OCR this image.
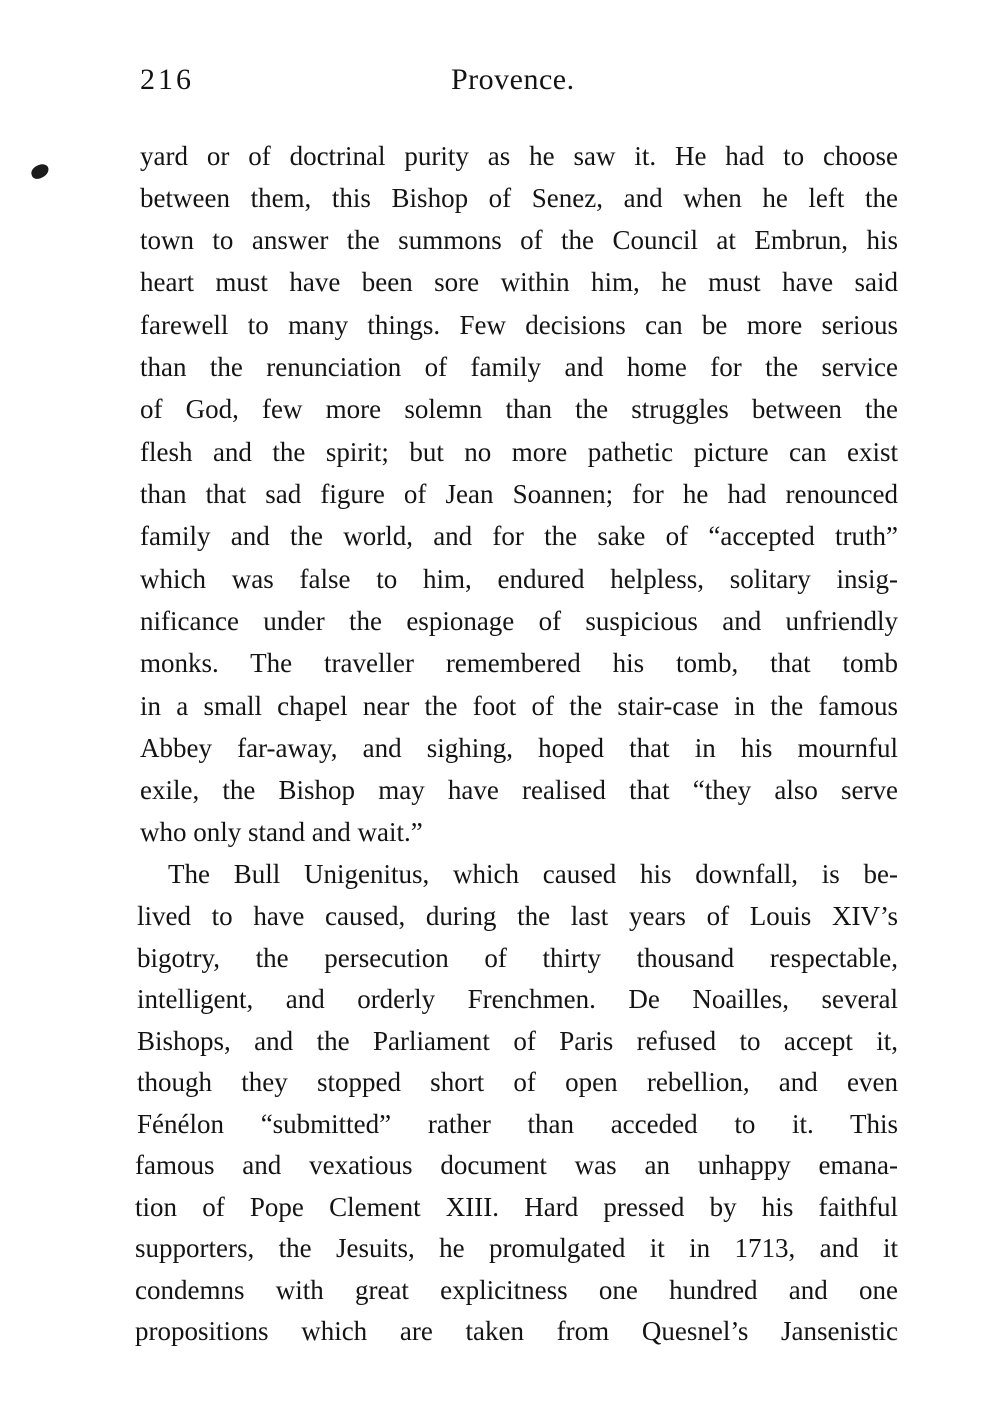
216	Provence.
yard or of doctrinal purity as he saw it. He had to choose
between them, this Bishop of Senez, and when he left the
town to answer the summons of the Council at Embrun, his
heart must have been sore within him, he must have said
farewell to many things. Few decisions can be more serious
than the renunciation of family and home for the service
of God, few more solemn than the struggles between the
flesh and the spirit; but no more pathetic picture can exist
than that sad figure of Jean Soannen; for he had renounced
family and the world, and for the sake of “accepted truth”
which was false to him, endured helpless, solitary insig-
nificance under the espionage of suspicious and unfriendly
monks. The traveller remembered his tomb, that tomb
in a small chapel near the foot of the stair-case in the famous
Abbey far-away, and sighing, hoped that in his mournful
exile, the Bishop may have realised that “they also serve
who only stand and wait.”
The Bull Unigenitus, which caused his downfall, is be-
lived to have caused, during the last years of Louis XIV’s
bigotry, the persecution of thirty thousand respectable,
intelligent, and orderly Frenchmen. De Noailles, several
Bishops, and the Parliament of Paris refused to accept it,
though they stopped short of open rebellion, and even
Fénélon “submitted” rather than acceded to it. This
famous and vexatious document was an unhappy emana-
tion of Pope Clement XIII. Hard pressed by his faithful
supporters, the Jesuits, he promulgated it in 1713, and it
condemns with great explicitness one hundred and one
propositions which are taken from Quesnel’s Jansenistic
